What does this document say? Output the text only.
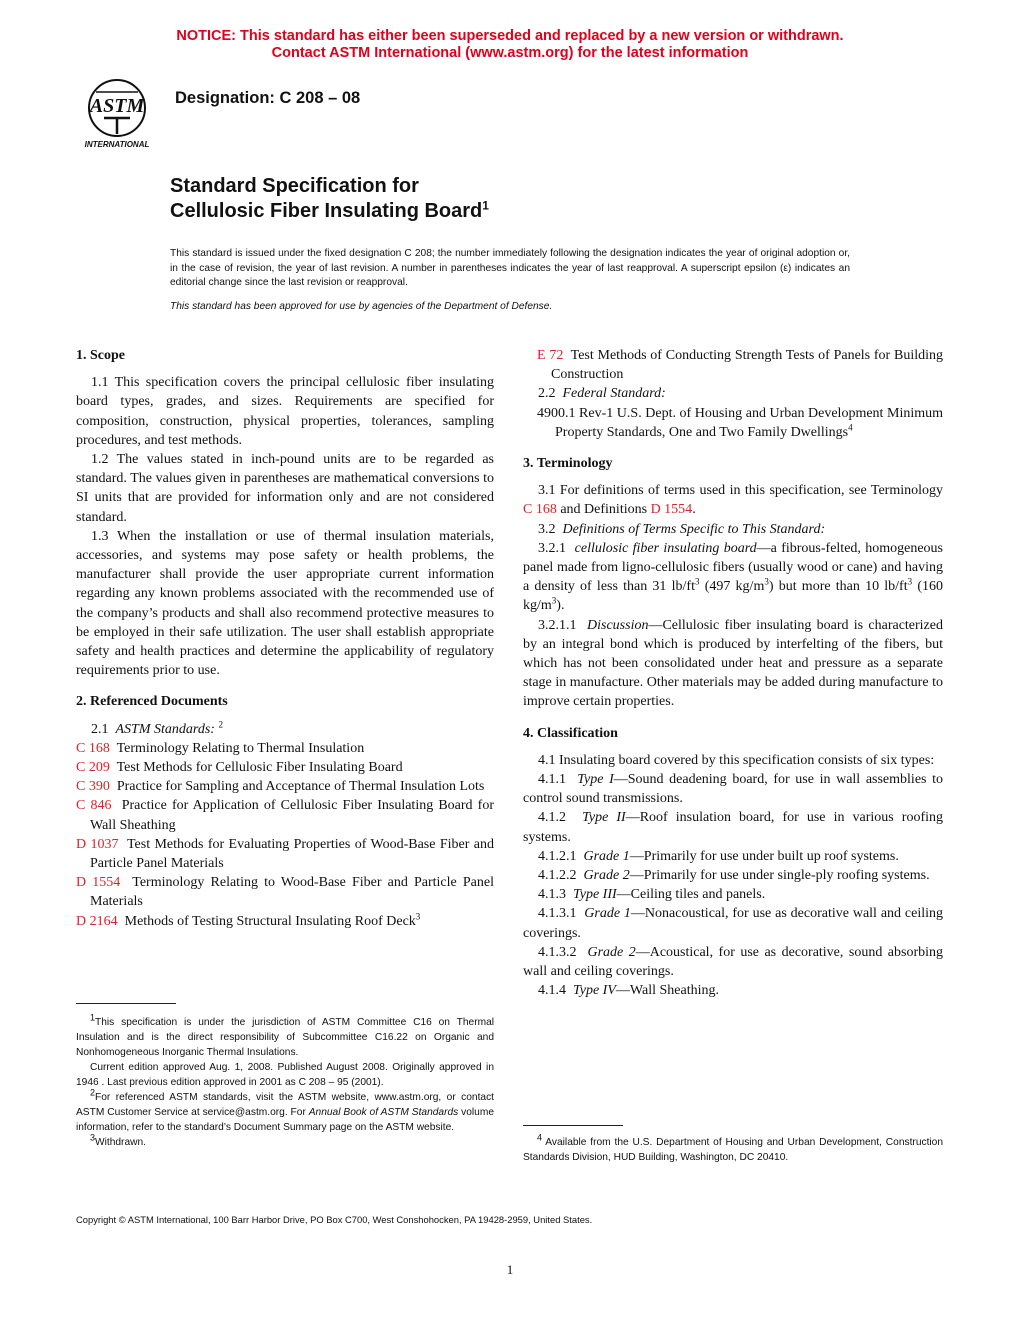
NOTICE: This standard has either been superseded and replaced by a new version or withdrawn.
Contact ASTM International (www.astm.org) for the latest information
ASTM
INTERNATIONAL
Designation: C 208 – 08
Standard Specification for
Cellulosic Fiber Insulating Board$^1$
This standard is issued under the fixed designation C 208; the number immediately following the designation indicates the year of original adoption or, in the case of revision, the year of last revision. A number in parentheses indicates the year of last reapproval. A superscript epsilon (ε) indicates an editorial change since the last revision or reapproval.
This standard has been approved for use by agencies of the Department of Defense.
1. Scope

1.1 This specification covers the principal cellulosic fiber insulating board types, grades, and sizes. Requirements are specified for composition, construction, physical properties, tolerances, sampling procedures, and test methods.

1.2 The values stated in inch-pound units are to be regarded as standard. The values given in parentheses are mathematical conversions to SI units that are provided for information only and are not considered standard.

1.3 When the installation or use of thermal insulation materials, accessories, and systems may pose safety or health problems, the manufacturer shall provide the user appropriate current information regarding any known problems associated with the recommended use of the company’s products and shall also recommend protective measures to be employed in their safe utilization. The user shall establish appropriate safety and health practices and determine the applicability of regulatory requirements prior to use.

2. Referenced Documents

2.1 ASTM Standards: $^2$

C 168 Terminology Relating to Thermal Insulation

C 209 Test Methods for Cellulosic Fiber Insulating Board

C 390 Practice for Sampling and Acceptance of Thermal Insulation Lots

C 846 Practice for Application of Cellulosic Fiber Insulating Board for Wall Sheathing

D 1037 Test Methods for Evaluating Properties of Wood-Base Fiber and Particle Panel Materials

D 1554 Terminology Relating to Wood-Base Fiber and Particle Panel Materials

D 2164 Methods of Testing Structural Insulating Roof Deck$^3$

$^1$This specification is under the jurisdiction of ASTM Committee C16 on Thermal Insulation and is the direct responsibility of Subcommittee C16.22 on Organic and Nonhomogeneous Inorganic Thermal Insulations.

Current edition approved Aug. 1, 2008. Published August 2008. Originally approved in 1946 . Last previous edition approved in 2001 as C 208 – 95 (2001).

$^2$For referenced ASTM standards, visit the ASTM website, www.astm.org, or contact ASTM Customer Service at service@astm.org. For Annual Book of ASTM Standards volume information, refer to the standard’s Document Summary page on the ASTM website.

$^3$Withdrawn.

E 72 Test Methods of Conducting Strength Tests of Panels for Building Construction

2.2 Federal Standard:

4900.1 Rev-1 U.S. Dept. of Housing and Urban Development Minimum Property Standards, One and Two Family Dwellings$^4$

3. Terminology

3.1 For definitions of terms used in this specification, see Terminology C 168 and Definitions D 1554.

3.2 Definitions of Terms Specific to This Standard:

3.2.1 cellulosic fiber insulating board—a fibrous-felted, homogeneous panel made from ligno-cellulosic fibers (usually wood or cane) and having a density of less than 31 $lb/ft^3$ (497 $kg/m^3$) but more than 10 $lb/ft^3$ (160 $kg/m^3$).

3.2.1.1 Discussion—Cellulosic fiber insulating board is characterized by an integral bond which is produced by interfelting of the fibers, but which has not been consolidated under heat and pressure as a separate stage in manufacture. Other materials may be added during manufacture to improve certain properties.

4. Classification

4.1 Insulating board covered by this specification consists of six types:

4.1.1 Type I—Sound deadening board, for use in wall assemblies to control sound transmissions.

4.1.2 Type II—Roof insulation board, for use in various roofing systems.

4.1.2.1 Grade 1—Primarily for use under built up roof systems.

4.1.2.2 Grade 2—Primarily for use under single-ply roofing systems.

4.1.3 Type III—Ceiling tiles and panels.

4.1.3.1 Grade 1—Nonacoustical, for use as decorative wall and ceiling coverings.

4.1.3.2 Grade 2—Acoustical, for use as decorative, sound absorbing wall and ceiling coverings.

4.1.4 Type IV—Wall Sheathing.

$^4$ Available from the U.S. Department of Housing and Urban Development, Construction Standards Division, HUD Building, Washington, DC 20410.

Copyright © ASTM International, 100 Barr Harbor Drive, PO Box C700, West Conshohocken, PA 19428-2959, United States.
1
